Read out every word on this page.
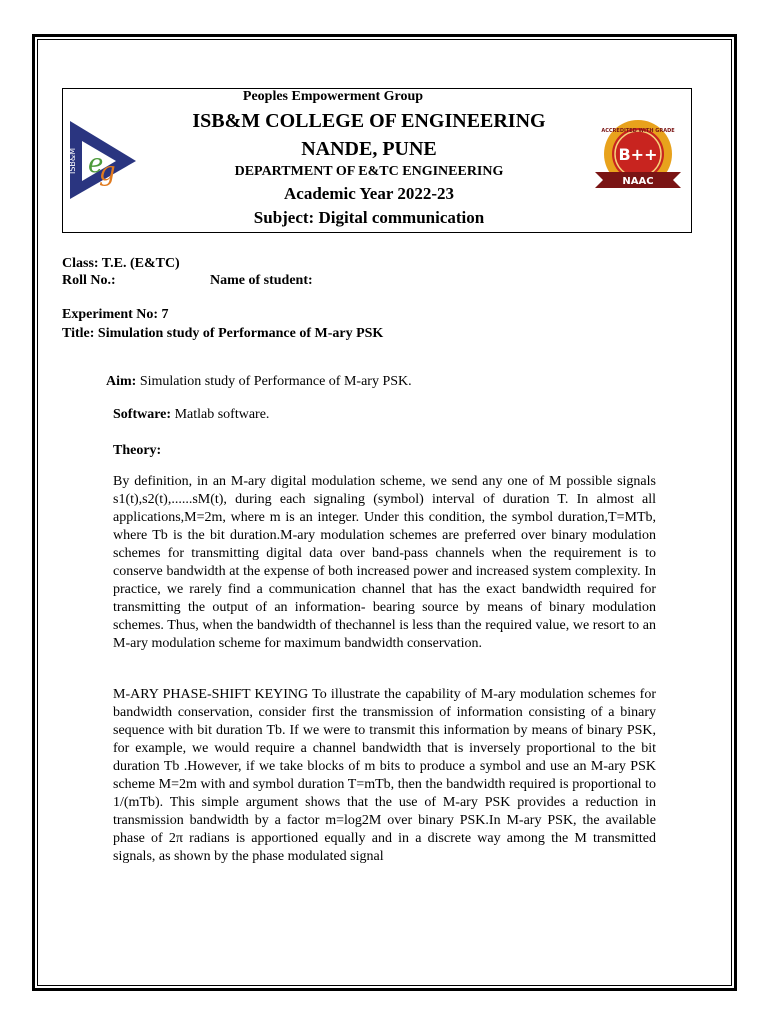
ISB&M e
g
ACCREDITED WITH GRADE
B++
NAAC
Peoples Empowerment Group
ISB&M COLLEGE OF ENGINEERING
NANDE, PUNE
DEPARTMENT OF E&TC ENGINEERING
Academic Year 2022-23
Subject: Digital communication
Class: T.E. (E&TC)
Roll No.:	Name of student:
Experiment No: 7
Title: Simulation study of Performance of M-ary PSK
Aim: Simulation study of Performance of M-ary PSK.
Software: Matlab software.
Theory:
By definition, in an M-ary digital modulation scheme, we send any one of M possible signals s1(t),s2(t),......sM(t), during each signaling (symbol) interval of duration T. In almost all applications,M=2m, where m is an integer. Under this condition, the symbol duration,T=MTb, where Tb is the bit duration.M-ary modulation schemes are preferred over binary modulation schemes for transmitting digital data over band-pass channels when the requirement is to conserve bandwidth at the expense of both increased power and increased system complexity. In practice, we rarely find a communication channel that has the exact bandwidth required for transmitting the output of an information- bearing source by means of binary modulation schemes. Thus, when the bandwidth of thechannel is less than the required value, we resort to an M-ary modulation scheme for maximum bandwidth conservation.
M-ARY PHASE-SHIFT KEYING To illustrate the capability of M-ary modulation schemes for bandwidth conservation, consider first the transmission of information consisting of a binary sequence with bit duration Tb. If we were to transmit this information by means of binary PSK, for example, we would require a channel bandwidth that is inversely proportional to the bit duration Tb .However, if we take blocks of m bits to produce a symbol and use an M-ary PSK scheme M=2m with and symbol duration T=mTb, then the bandwidth required is proportional to 1/(mTb). This simple argument shows that the use of M-ary PSK provides a reduction in transmission bandwidth by a factor m=log2M over binary PSK.In M-ary PSK, the available phase of 2π radians is apportioned equally and in a discrete way among the M transmitted signals, as shown by the phase modulated signal
